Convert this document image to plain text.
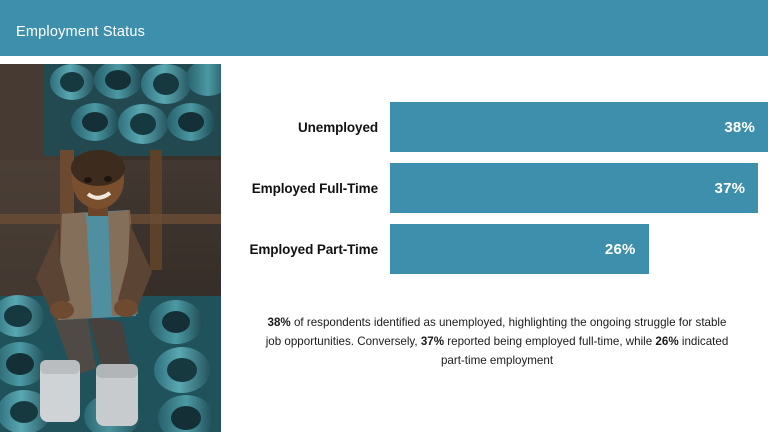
Employment Status
Unemployed	38%
Employed Full-Time	37%
Employed Part-Time	26%
38% of respondents identified as unemployed, highlighting the ongoing struggle for stable job opportunities. Conversely, 37% reported being employed full-time, while 26% indicated part-time employment
